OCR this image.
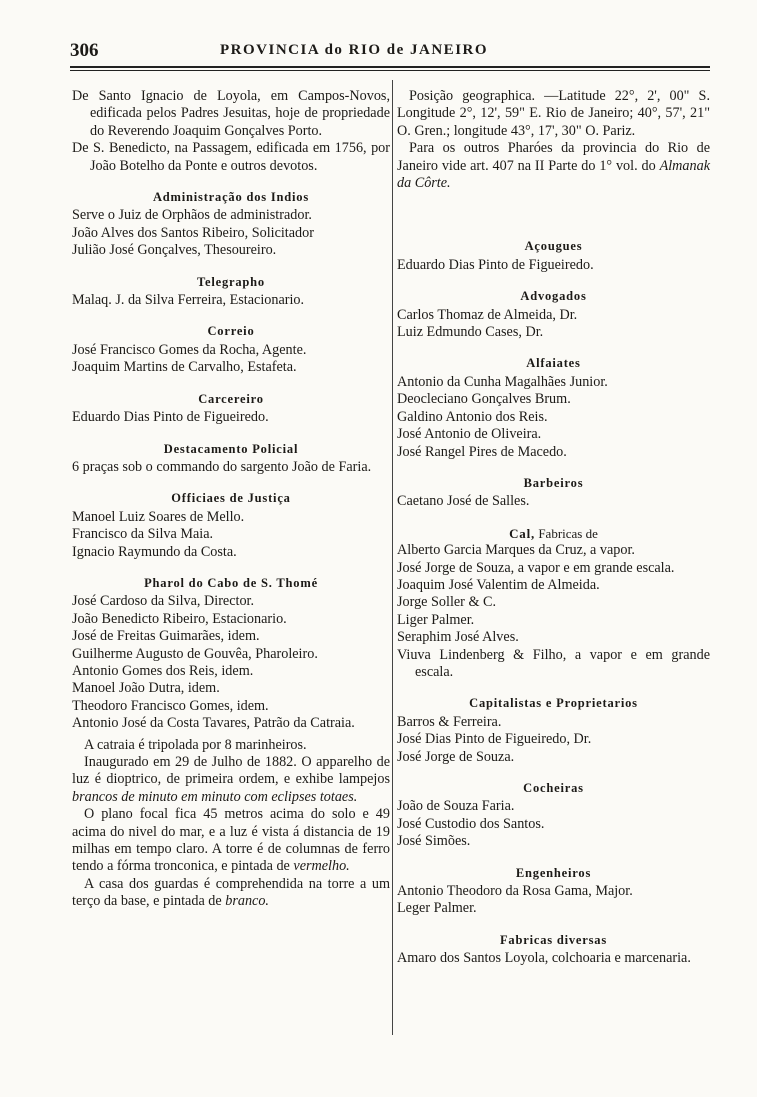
306	PROVINCIA do RIO de JANEIRO
De Santo Ignacio de Loyola, em Campos-Novos, edificada pelos Padres Jesuitas, hoje de propriedade do Reverendo Joaquim Gonçalves Porto.
De S. Benedicto, na Passagem, edificada em 1756, por João Botelho da Ponte e outros devotos.
Administração dos Indios
Serve o Juiz de Orphãos de administrador.
João Alves dos Santos Ribeiro, Solicitador
Julião José Gonçalves, Thesoureiro.
Telegrapho
Malaq. J. da Silva Ferreira, Estacionario.
Correio
José Francisco Gomes da Rocha, Agente.
Joaquim Martins de Carvalho, Estafeta.
Carcereiro
Eduardo Dias Pinto de Figueiredo.
Destacamento Policial
6 praças sob o commando do sargento João de Faria.
Officiaes de Justiça
Manoel Luiz Soares de Mello.
Francisco da Silva Maia.
Ignacio Raymundo da Costa.
Pharol do Cabo de S. Thomé
José Cardoso da Silva, Director.
João Benedicto Ribeiro, Estacionario.
José de Freitas Guimarães, idem.
Guilherme Augusto de Gouvêa, Pharoleiro.
Antonio Gomes dos Reis, idem.
Manoel João Dutra, idem.
Theodoro Francisco Gomes, idem.
Antonio José da Costa Tavares, Patrão da Catraia.
A catraia é tripolada por 8 marinheiros.
Inaugurado em 29 de Julho de 1882. O apparelho de luz é dioptrico, de primeira ordem, e exhibe lampejos brancos de minuto em minuto com eclipses totaes.
O plano focal fica 45 metros acima do solo e 49 acima do nivel do mar, e a luz é vista á distancia de 19 milhas em tempo claro. A torre é de columnas de ferro tendo a fórma tronconica, e pintada de vermelho.
A casa dos guardas é comprehendida na torre a um terço da base, e pintada de branco.
Posição geographica. —Latitude 22°, 2', 00" S. Longitude 2°, 12', 59" E. Rio de Janeiro; 40°, 57', 21" O. Gren.; longitude 43°, 17', 30" O. Pariz.
Para os outros Pharóes da provincia do Rio de Janeiro vide art. 407 na II Parte do 1° vol. do Almanak da Côrte.
Açougues
Eduardo Dias Pinto de Figueiredo.
Advogados
Carlos Thomaz de Almeida, Dr.
Luiz Edmundo Cases, Dr.
Alfaiates
Antonio da Cunha Magalhães Junior.
Deocleciano Gonçalves Brum.
Galdino Antonio dos Reis.
José Antonio de Oliveira.
José Rangel Pires de Macedo.
Barbeiros
Caetano José de Salles.
Cal, Fabricas de
Alberto Garcia Marques da Cruz, a vapor.
José Jorge de Souza, a vapor e em grande escala.
Joaquim José Valentim de Almeida.
Jorge Soller & C.
Liger Palmer.
Seraphim José Alves.
Viuva Lindenberg & Filho, a vapor e em grande escala.
Capitalistas e Proprietarios
Barros & Ferreira.
José Dias Pinto de Figueiredo, Dr.
José Jorge de Souza.
Cocheiras
João de Souza Faria.
José Custodio dos Santos.
José Simões.
Engenheiros
Antonio Theodoro da Rosa Gama, Major.
Leger Palmer.
Fabricas diversas
Amaro dos Santos Loyola, colchoaria e marcenaria.
